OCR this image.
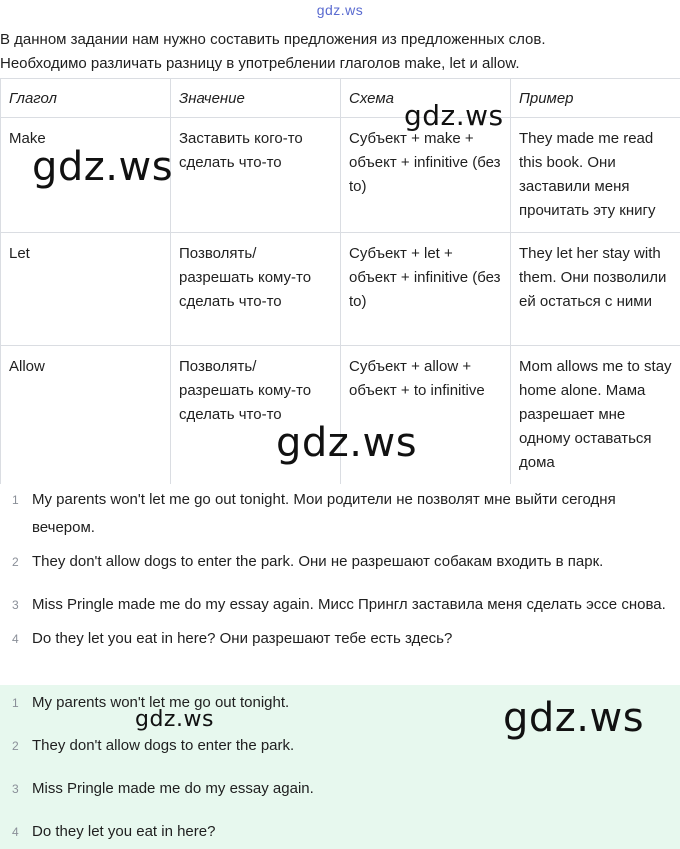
gdz.ws

В данном задании нам нужно составить предложения из предложенных слов.

Необходимо различать разницу в употреблении глаголов make, let и allow.

Глагол	Значение	Схема	Пример
Make	Заставить кого-то сделать что-то	Субъект + make + объект + infinitive (без to)	They made me read this book. Они заставили меня прочитать эту книгу
Let	Позволять/ разрешать кому-то сделать что-то	Субъект + let + объект + infinitive (без to)	They let her stay with them. Они позволили ей остаться с ними
Allow	Позволять/ разрешать кому-то сделать что-то	Субъект + allow + объект + to infinitive	Mom allows me to stay home alone. Мама разрешает мне одному оставаться дома
1 My parents won't let me go out tonight. Мои родители не позволят мне выйти сегодня вечером.
2 They don't allow dogs to enter the park. Они не разрешают собакам входить в парк.
3 Miss Pringle made me do my essay again. Мисс Прингл заставила меня сделать эссе снова.
4 Do they let you eat in here? Они разрешают тебе есть здесь?
1 My parents won't let me go out tonight.
2 They don't allow dogs to enter the park.
3 Miss Pringle made me do my essay again.
4 Do they let you eat in here?
gdz.ws
gdz.ws
gdz.ws
gdz.ws	gdz.ws
